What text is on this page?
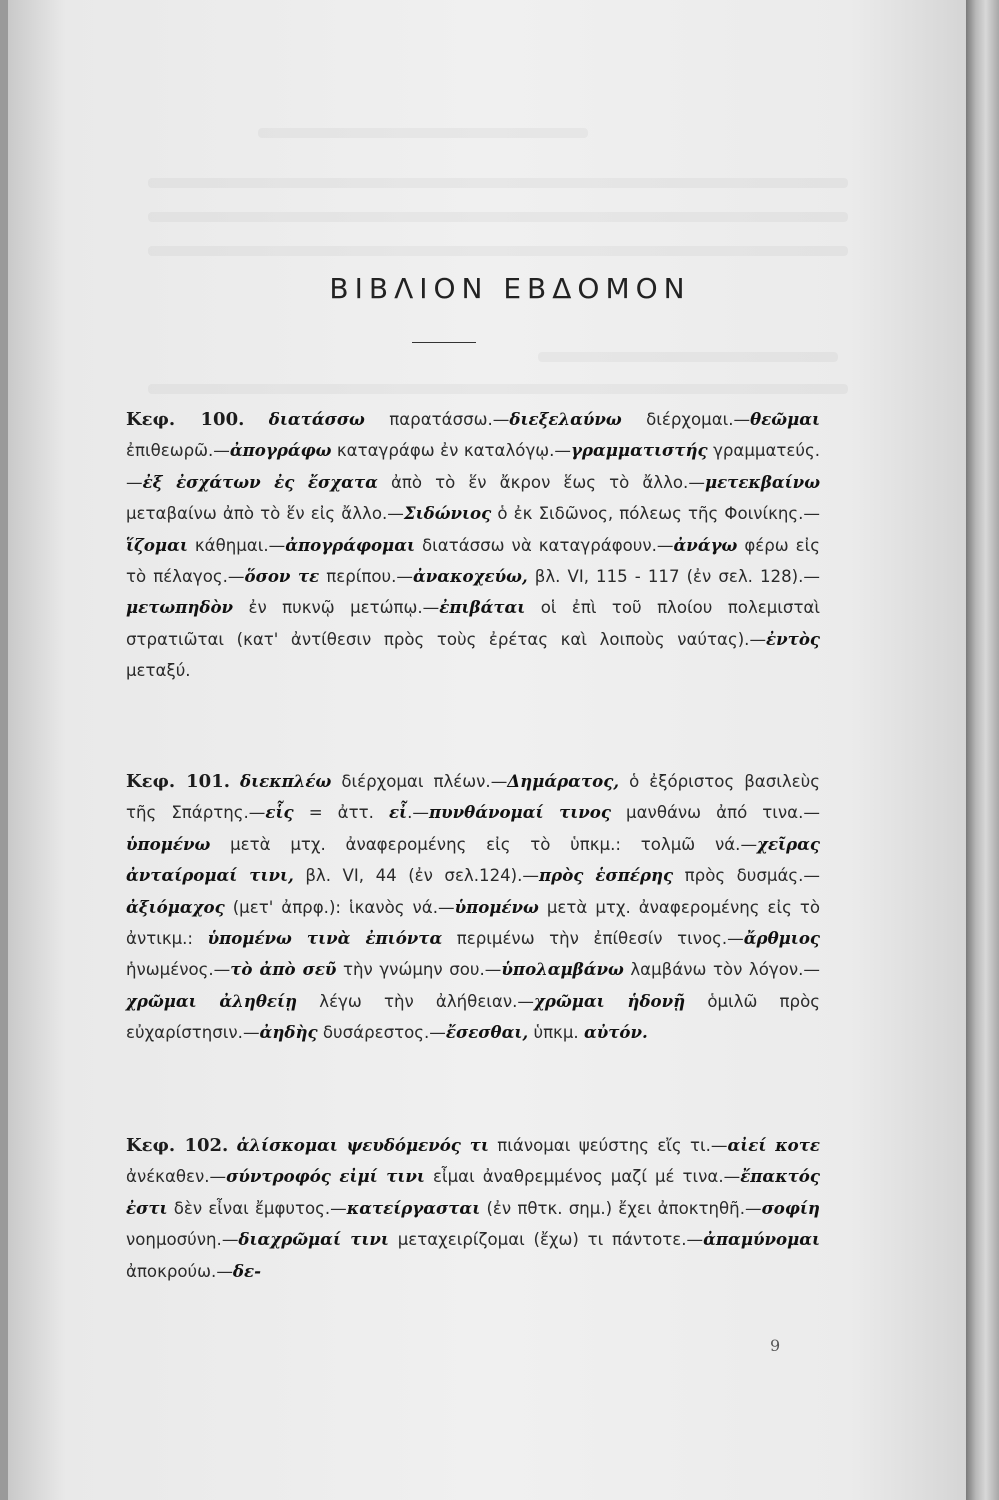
ΒΙΒΛΙΟΝ ΕΒΔΟΜΟΝ

Κεφ. 100. διατάσσω παρατάσσω.—διεξελαύνω διέρχομαι.—θεῶμαι ἐπιθεωρῶ.—ἀπογράφω καταγράφω ἐν καταλόγῳ.—γραμματιστής γραμματεύς.—ἐξ ἐσχάτων ἐς ἔσχατα ἀπὸ τὸ ἕν ἄκρον ἕως τὸ ἄλλο.—μετεκβαίνω μεταβαίνω ἀπὸ τὸ ἕν εἰς ἄλλο.—Σιδώνιος ὁ ἐκ Σιδῶνος, πόλεως τῆς Φοινίκης.—ἵζομαι κάθημαι.—ἀπογράφομαι διατάσσω νὰ καταγράφουν.—ἀνάγω φέρω εἰς τὸ πέλαγος.—ὅσον τε περίπου.—ἀνακοχεύω, βλ. VI, 115 - 117 (ἐν σελ. 128).—μετωπηδὸν ἐν πυκνῷ μετώπῳ.—ἐπιβάται οἱ ἐπὶ τοῦ πλοίου πολεμισταὶ στρατιῶται (κατ' ἀντίθεσιν πρὸς τοὺς ἐρέτας καὶ λοιποὺς ναύτας).—ἐντὸς μεταξύ.

Κεφ. 101. διεκπλέω διέρχομαι πλέων.—Δημάρατος, ὁ ἐξόριστος βασιλεὺς τῆς Σπάρτης.—εἷς = ἀττ. εἶ.—πυνθάνομαί τινος μανθάνω ἀπό τινα.—ὑπομένω μετὰ μτχ. ἀναφερομένης εἰς τὸ ὑπκμ.: τολμῶ νά.—χεῖρας ἀνταίρομαί τινι, βλ. VI, 44 (ἐν σελ.124).—πρὸς ἑσπέρης πρὸς δυσμάς.—ἀξιόμαχος (μετ' ἀπρφ.): ἱκανὸς νά.—ὑπομένω μετὰ μτχ. ἀναφερομένης εἰς τὸ ἀντικμ.: ὑπομένω τινὰ ἐπιόντα περιμένω τὴν ἐπίθεσίν τινος.—ἄρθμιος ἡνωμένος.—τὸ ἀπὸ σεῦ τὴν γνώμην σου.—ὑπολαμβάνω λαμβάνω τὸν λόγον.—χρῶμαι ἀληθείῃ λέγω τὴν ἀλήθειαν.—χρῶμαι ἡδονῇ ὁμιλῶ πρὸς εὐχαρίστησιν.—ἀηδὴς δυσάρεστος.—ἔσεσθαι, ὑπκμ. αὐτόν.

Κεφ. 102. ἁλίσκομαι ψευδόμενός τι πιάνομαι ψεύστης εἴς τι.—αἰεί κοτε ἀνέκαθεν.—σύντροφός εἰμί τινι εἶμαι ἀναθρεμμένος μαζί μέ τινα.—ἔπακτός ἐστι δὲν εἶναι ἔμφυτος.—κατείργασται (ἐν πθτκ. σημ.) ἔχει ἀποκτηθῆ.—σοφίη νοημοσύνη.—διαχρῶμαί τινι μεταχειρίζομαι (ἔχω) τι πάντοτε.—ἀπαμύνομαι ἀποκρούω.—δε-

9
